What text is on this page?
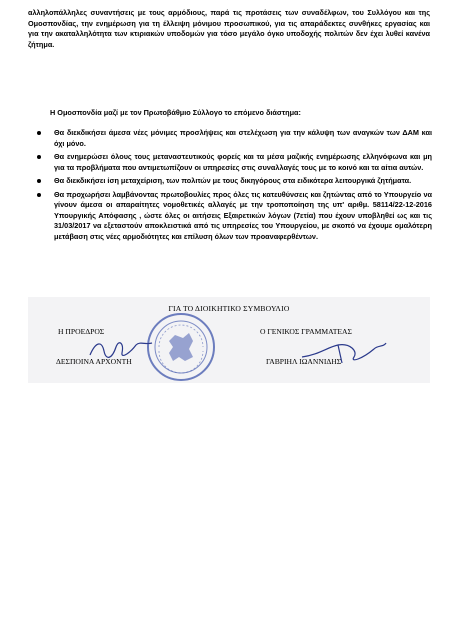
αλληλοπάλληλες συναντήσεις με τους αρμόδιους, παρά τις προτάσεις των συναδέλφων, του Συλλόγου και της Ομοσπονδίας, την ενημέρωση για τη έλλειψη μόνιμου προσωπικού, για τις απαράδεκτες συνθήκες εργασίας και για την ακαταλληλότητα των κτιριακών υποδομών για τόσο μεγάλο όγκο υποδοχής πολιτών δεν έχει λυθεί κανένα ζήτημα.

Η Ομοσπονδία μαζί με τον Πρωτοβάθμιο Σύλλογο το επόμενο διάστημα:

Θα διεκδικήσει άμεσα νέες μόνιμες προσλήψεις και στελέχωση για την κάλυψη των αναγκών των ΔΑΜ και όχι μόνο.
Θα ενημερώσει όλους τους μεταναστευτικούς φορείς και τα μέσα μαζικής ενημέρωσης ελληνόφωνα και μη για τα προβλήματα που αντιμετωπίζουν οι υπηρεσίες στις συναλλαγές τους με το κοινό και τα αίτια αυτών.
Θα διεκδικήσει ίση μεταχείριση, των πολιτών με τους δικηγόρους στα ειδικότερα λειτουργικά ζητήματα.
Θα προχωρήσει λαμβάνοντας πρωτοβουλίες προς όλες τις κατευθύνσεις και ζητώντας από το Υπουργείο να γίνουν άμεσα οι απαραίτητες νομοθετικές αλλαγές με την τροποποίηση της υπ' αριθμ. 58114/22-12-2016 Υπουργικής Απόφασης , ώστε όλες οι αιτήσεις Εξαιρετικών λόγων (7ετία) που έχουν υποβληθεί ως και τις 31/03/2017 να εξεταστούν αποκλειστικά από τις υπηρεσίες του Υπουργείου, με σκοπό να έχουμε ομαλότερη μετάβαση στις νέες αρμοδιότητες και επίλυση όλων των προαναφερθέντων.
ΓΙΑ ΤΟ ΔΙΟΙΚΗΤΙΚΟ ΣΥΜΒΟΥΛΙΟ
Η ΠΡΟΕΔΡΟΣ	Ο ΓΕΝΙΚΟΣ ΓΡΑΜΜΑΤΕΑΣ
ΔΕΣΠΟΙΝΑ ΑΡΧΟΝΤΗ	ΓΑΒΡΙΗΛ ΙΩΑΝΝΙΔΗΣ
